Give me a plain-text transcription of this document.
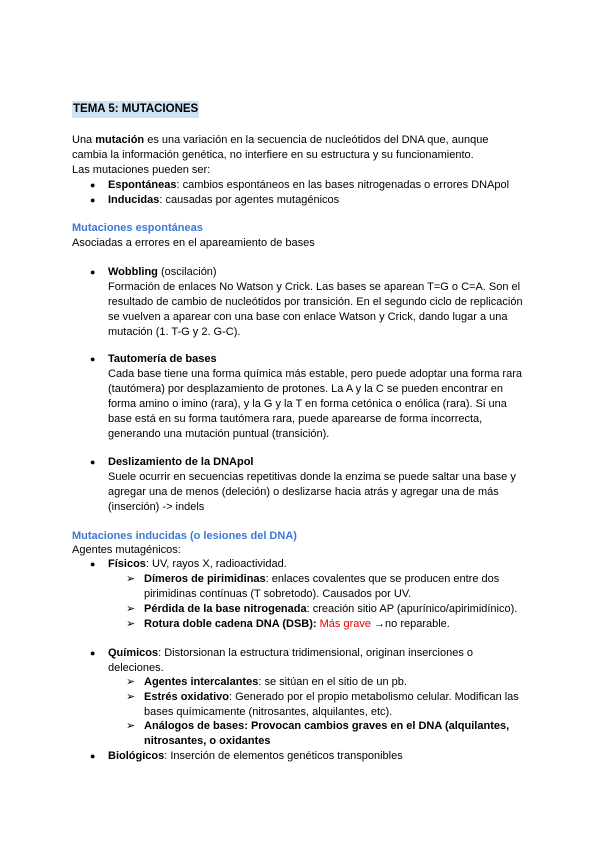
TEMA 5: MUTACIONES
Una mutación es una variación en la secuencia de nucleótidos del DNA que, aunque
cambia la información genética, no interfiere en su estructura y su funcionamiento.
Las mutaciones pueden ser:
● Espontáneas: cambios espontáneos en las bases nitrogenadas o errores DNApol
● Inducidas: causadas por agentes mutagénicos
Mutaciones espontáneas
Asociadas a errores en el apareamiento de bases
● Wobbling (oscilación)
Formación de enlaces No Watson y Crick. Las bases se aparean T=G o C=A. Son el
resultado de cambio de nucleótidos por transición. En el segundo ciclo de replicación
se vuelven a aparear con una base con enlace Watson y Crick, dando lugar a una
mutación (1. T-G y 2. G-C).
● Tautomería de bases
Cada base tiene una forma química más estable, pero puede adoptar una forma rara
(tautómera) por desplazamiento de protones. La A y la C se pueden encontrar en
forma amino o imino (rara), y la G y la T en forma cetónica o enólica (rara). Si una
base está en su forma tautómera rara, puede aparearse de forma incorrecta,
generando una mutación puntual (transición).
● Deslizamiento de la DNApol
Suele ocurrir en secuencias repetitivas donde la enzima se puede saltar una base y
agregar una de menos (deleción) o deslizarse hacia atrás y agregar una de más
(inserción) -> indels
Mutaciones inducidas (o lesiones del DNA)
Agentes mutagénicos:
● Físicos: UV, rayos X, radioactividad.
➢ Dímeros de pirimidinas: enlaces covalentes que se producen entre dos
pirimidinas contínuas (T sobretodo). Causados por UV.
➢ Pérdida de la base nitrogenada: creación sitio AP (apurínico/apirimidínico).
➢ Rotura doble cadena DNA (DSB): Más grave →no reparable.
● Químicos: Distorsionan la estructura tridimensional, originan inserciones o
deleciones.
➢ Agentes intercalantes: se sitúan en el sitio de un pb.
➢ Estrés oxidativo: Generado por el propio metabolismo celular. Modifican las
bases químicamente (nitrosantes, alquilantes, etc).
➢ Análogos de bases: Provocan cambios graves en el DNA (alquilantes,
nitrosantes, o oxidantes
● Biológicos: Inserción de elementos genéticos transponibles
